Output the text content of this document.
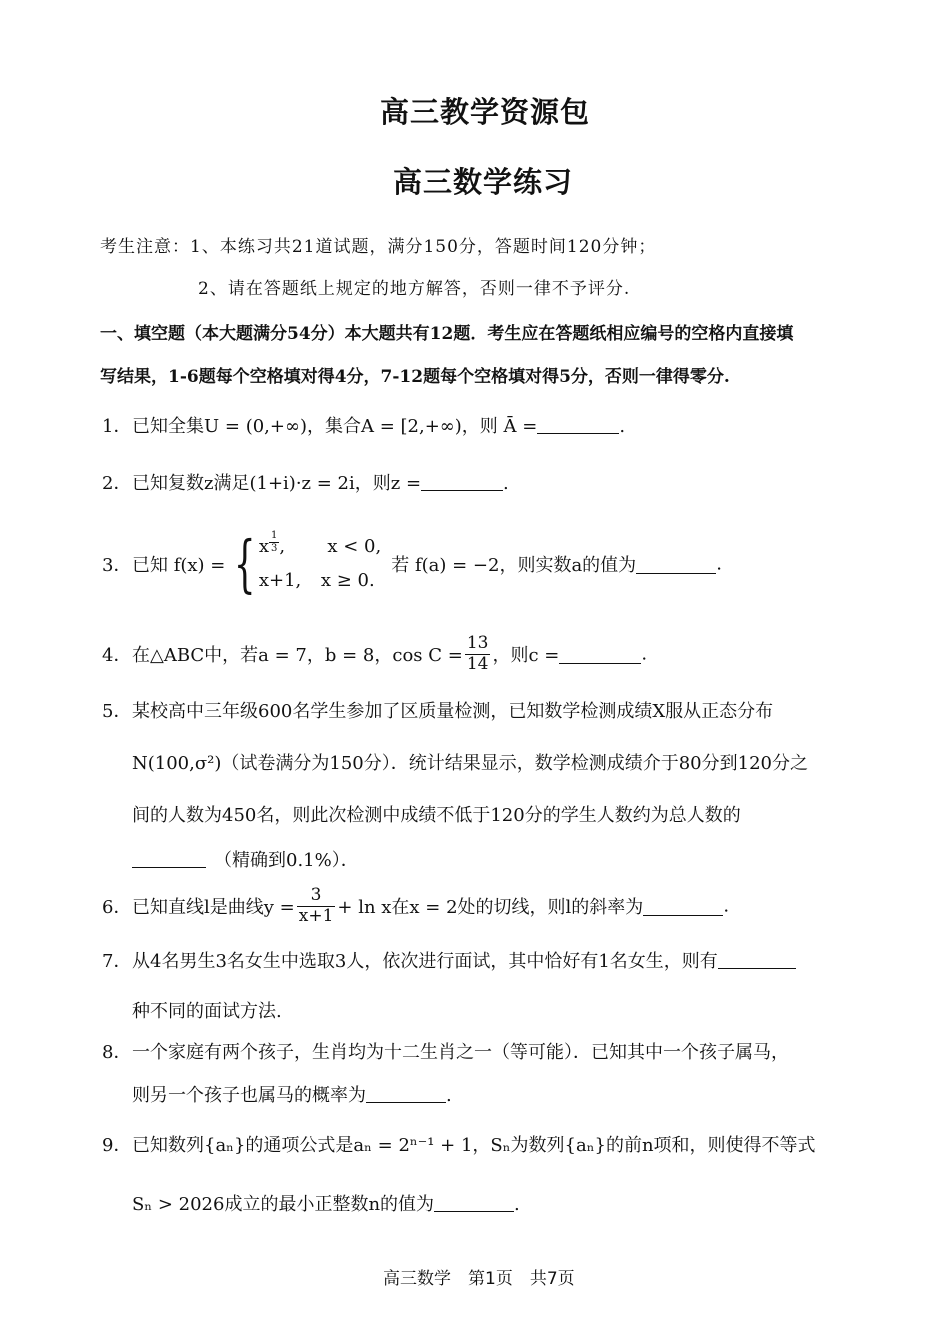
高三教学资源包
高三数学练习
考生注意：1、本练习共21道试题，满分150分，答题时间120分钟；
2、请在答题纸上规定的地方解答，否则一律不予评分.
一、填空题（本大题满分54分）本大题共有12题．考生应在答题纸相应编号的空格内直接填
写结果，1-6题每个空格填对得4分，7-12题每个空格填对得5分，否则一律得零分.
1．已知全集U = (0,+∞)，集合A = [2,+∞)，则 Ā =	.
2．已知复数z满足(1+i)·z = 2i，则z =	.
3．已知 f(x) = { x $^{\frac{1}{3}}$ , x < 0,
x+1, x ≥ 0.
若 f(a) = −2，则实数a的值为	.
4．在△ABC中，若a = 7，b = 8，$\cos C = \frac{13}{14}$ ，则c =	.
5．某校高中三年级600名学生参加了区质量检测，已知数学检测成绩X服从正态分布
N(100,σ²)（试卷满分为150分）．统计结果显示，数学检测成绩介于80分到120分之
间的人数为450名，则此次检测中成绩不低于120分的学生人数约为总人数的
（精确到0.1%）．
6．已知直线l是曲线$y = \frac{3}{x+1} + \ln x$在x = 2处的切线，则l的斜率为	.
7．从4名男生3名女生中选取3人，依次进行面试，其中恰好有1名女生，则有
种不同的面试方法.
8．一个家庭有两个孩子，生肖均为十二生肖之一（等可能）．已知其中一个孩子属马，
则另一个孩子也属马的概率为	.
9．已知数列{aₙ}的通项公式是aₙ = 2ⁿ⁻¹ + 1，Sₙ为数列{aₙ}的前n项和，则使得不等式
Sₙ > 2026成立的最小正整数n的值为	.
高三数学　第1页　共7页
